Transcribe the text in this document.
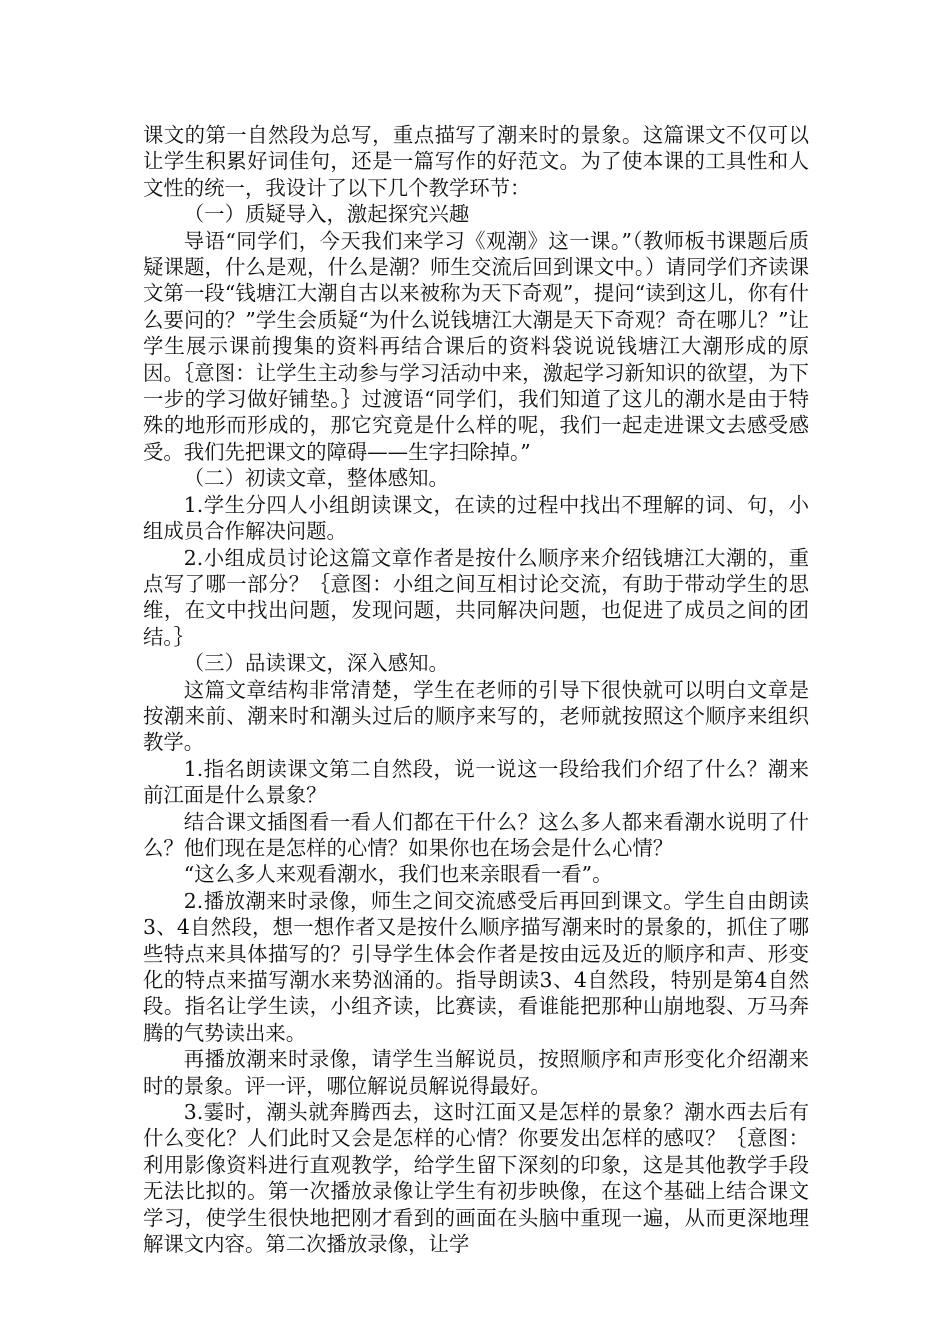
课文的第一自然段为总写，重点描写了潮来时的景象。这篇课文不仅可以让学生积累好词佳句，还是一篇写作的好范文。为了使本课的工具性和人文性的统一，我设计了以下几个教学环节：

（一）质疑导入，激起探究兴趣

导语“同学们，今天我们来学习《观潮》这一课。”（教师板书课题后质疑课题，什么是观，什么是潮？师生交流后回到课文中。）请同学们齐读课文第一段“钱塘江大潮自古以来被称为天下奇观”，提问“读到这儿，你有什么要问的？”学生会质疑“为什么说钱塘江大潮是天下奇观？奇在哪儿？”让学生展示课前搜集的资料再结合课后的资料袋说说钱塘江大潮形成的原因。｛意图：让学生主动参与学习活动中来，激起学习新知识的欲望，为下一步的学习做好铺垫。｝过渡语“同学们，我们知道了这儿的潮水是由于特殊的地形而形成的，那它究竟是什么样的呢，我们一起走进课文去感受感受。我们先把课文的障碍——生字扫除掉。”

（二）初读文章，整体感知。

1.学生分四人小组朗读课文，在读的过程中找出不理解的词、句，小组成员合作解决问题。

2.小组成员讨论这篇文章作者是按什么顺序来介绍钱塘江大潮的，重点写了哪一部分？｛意图：小组之间互相讨论交流，有助于带动学生的思维，在文中找出问题，发现问题，共同解决问题，也促进了成员之间的团结。｝

（三）品读课文，深入感知。

这篇文章结构非常清楚，学生在老师的引导下很快就可以明白文章是按潮来前、潮来时和潮头过后的顺序来写的，老师就按照这个顺序来组织教学。

1.指名朗读课文第二自然段，说一说这一段给我们介绍了什么？潮来前江面是什么景象？

结合课文插图看一看人们都在干什么？这么多人都来看潮水说明了什么？他们现在是怎样的心情？如果你也在场会是什么心情？

“这么多人来观看潮水，我们也来亲眼看一看”。

2.播放潮来时录像，师生之间交流感受后再回到课文。学生自由朗读3、4自然段，想一想作者又是按什么顺序描写潮来时的景象的，抓住了哪些特点来具体描写的？引导学生体会作者是按由远及近的顺序和声、形变化的特点来描写潮水来势汹涌的。指导朗读3、4自然段，特别是第4自然段。指名让学生读，小组齐读，比赛读，看谁能把那种山崩地裂、万马奔腾的气势读出来。

再播放潮来时录像，请学生当解说员，按照顺序和声形变化介绍潮来时的景象。评一评，哪位解说员解说得最好。

3.霎时，潮头就奔腾西去，这时江面又是怎样的景象？潮水西去后有什么变化？人们此时又会是怎样的心情？你要发出怎样的感叹？｛意图：利用影像资料进行直观教学，给学生留下深刻的印象，这是其他教学手段无法比拟的。第一次播放录像让学生有初步映像，在这个基础上结合课文学习，使学生很快地把刚才看到的画面在头脑中重现一遍，从而更深地理解课文内容。第二次播放录像，让学
